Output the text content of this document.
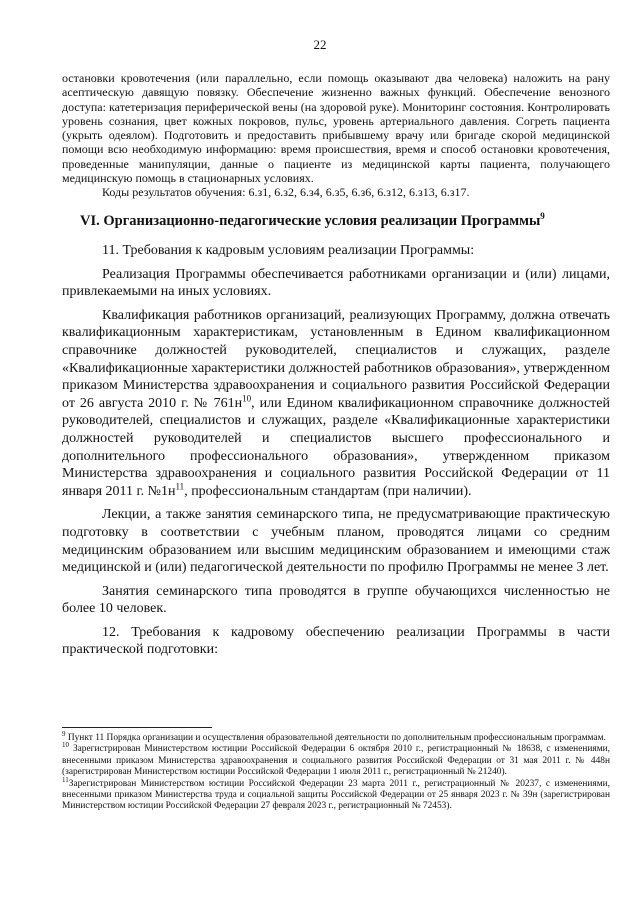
22

остановки кровотечения (или параллельно, если помощь оказывают два человека) наложить на рану асептическую давящую повязку. Обеспечение жизненно важных функций. Обеспечение венозного доступа: катетеризация периферической вены (на здоровой руке). Мониторинг состояния. Контролировать уровень сознания, цвет кожных покровов, пульс, уровень артериального давления. Согреть пациента (укрыть одеялом). Подготовить и предоставить прибывшему врачу или бригаде скорой медицинской помощи всю необходимую информацию: время происшествия, время и способ остановки кровотечения, проведенные манипуляции, данные о пациенте из медицинской карты пациента, получающего медицинскую помощь в стационарных условиях.

Коды результатов обучения: 6.з1, 6.з2, 6.з4, 6.з5, 6.з6, 6.з12, 6.з13, 6.з17.

VI. Организационно-педагогические условия реализации Программы$^9$

11. Требования к кадровым условиям реализации Программы:

Реализация Программы обеспечивается работниками организации и (или) лицами, привлекаемыми на иных условиях.

Квалификация работников организаций, реализующих Программу, должна отвечать квалификационным характеристикам, установленным в Едином квалификационном справочнике должностей руководителей, специалистов и служащих, разделе «Квалификационные характеристики должностей работников образования», утвержденном приказом Министерства здравоохранения и социального развития Российской Федерации от 26 августа 2010 г. № $761н^{10}$, или Едином квалификационном справочнике должностей руководителей, специалистов и служащих, разделе «Квалификационные характеристики должностей руководителей и специалистов высшего профессионального и дополнительного профессионального образования», утвержденном приказом Министерства здравоохранения и социального развития Российской Федерации от 11 января 2011 г. $№1н^{11}$, профессиональным стандартам (при наличии).

Лекции, а также занятия семинарского типа, не предусматривающие практическую подготовку в соответствии с учебным планом, проводятся лицами со средним медицинским образованием или высшим медицинским образованием и имеющими стаж медицинской и (или) педагогической деятельности по профилю Программы не менее 3 лет.

Занятия семинарского типа проводятся в группе обучающихся численностью не более 10 человек.

12. Требования к кадровому обеспечению реализации Программы в части практической подготовки:

$^9$ Пункт 11 Порядка организации и осуществления образовательной деятельности по дополнительным профессиональным программам.

$^{10}$ Зарегистрирован Министерством юстиции Российской Федерации 6 октября 2010 г., регистрационный № 18638, с изменениями, внесенными приказом Министерства здравоохранения и социального развития Российской Федерации от 31 мая 2011 г. № 448н (зарегистрирован Министерством юстиции Российской Федерации 1 июля 2011 г., регистрационный № 21240).

$^{11}$Зарегистрирован Министерством юстиции Российской Федерации 23 марта 2011 г., регистрационный № 20237, с изменениями, внесенными приказом Министерства труда и социальной защиты Российской Федерации от 25 января 2023 г. № 39н (зарегистрирован Министерством юстиции Российской Федерации 27 февраля 2023 г., регистрационный № 72453).
